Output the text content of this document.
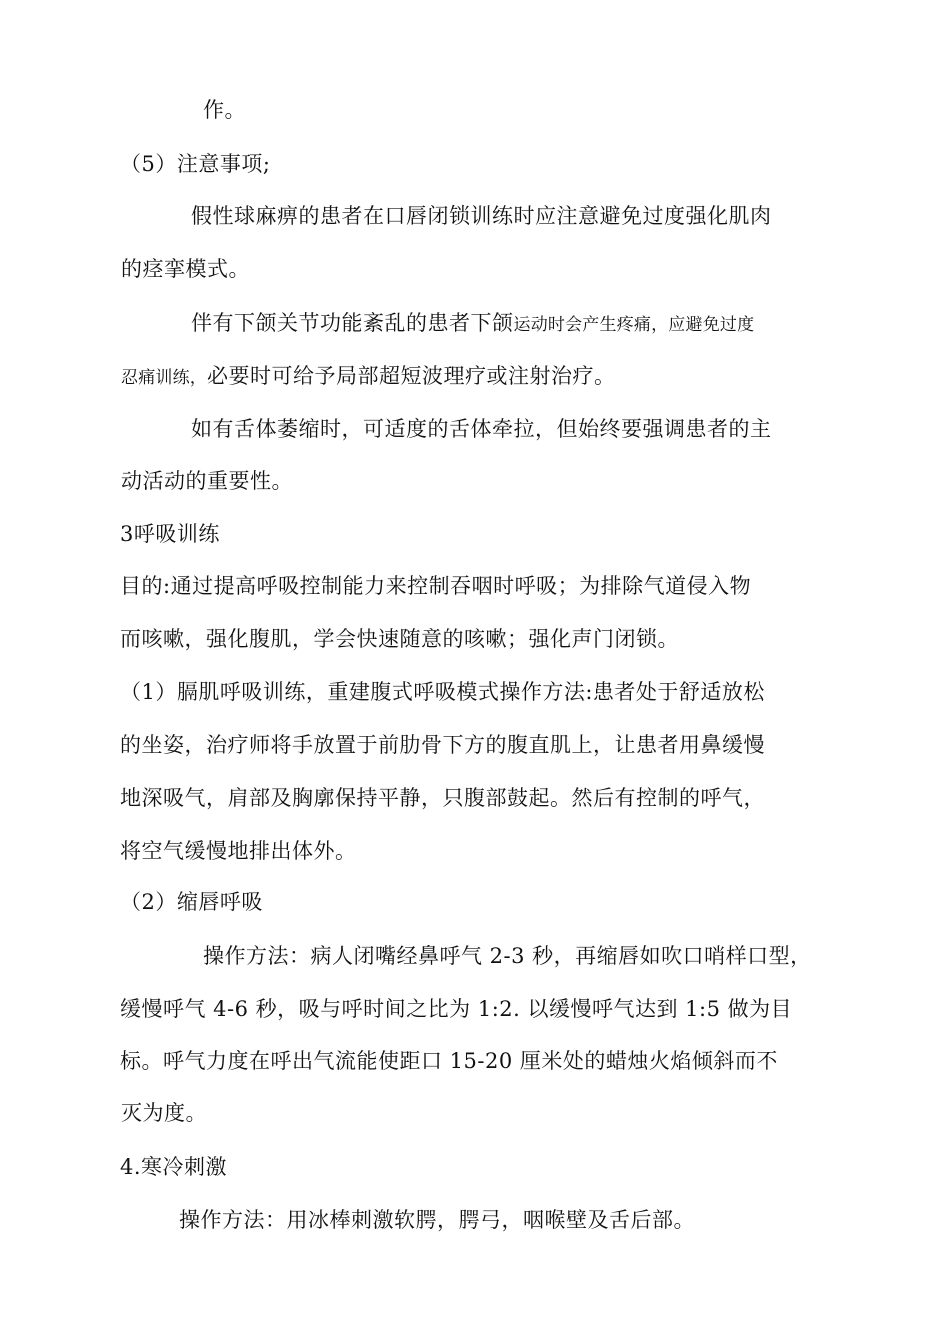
作。

（5）注意事项;

假性球麻痹的患者在口唇闭锁训练时应注意避免过度强化肌肉

的痉挛模式。

伴有下颌关节功能紊乱的患者下颌运动时会产生疼痛，应避免过度

忍痛训练，必要时可给予局部超短波理疗或注射治疗。

如有舌体萎缩时，可适度的舌体牵拉，但始终要强调患者的主

动活动的重要性。

3呼吸训练

目的:通过提高呼吸控制能力来控制吞咽时呼吸；为排除气道侵入物

而咳嗽，强化腹肌，学会快速随意的咳嗽；强化声门闭锁。

（1）膈肌呼吸训练，重建腹式呼吸模式操作方法:患者处于舒适放松

的坐姿，治疗师将手放置于前肋骨下方的腹直肌上，让患者用鼻缓慢

地深吸气，肩部及胸廓保持平静，只腹部鼓起。然后有控制的呼气，

将空气缓慢地排出体外。

（2）缩唇呼吸

操作方法：病人闭嘴经鼻呼气 2-3 秒，再缩唇如吹口哨样口型，

缓慢呼气 4-6 秒，吸与呼时间之比为 1:2. 以缓慢呼气达到 1:5 做为目

标。呼气力度在呼出气流能使距口 15-20 厘米处的蜡烛火焰倾斜而不

灭为度。

4.寒冷刺激

操作方法：用冰棒刺激软腭，腭弓，咽喉壁及舌后部。
